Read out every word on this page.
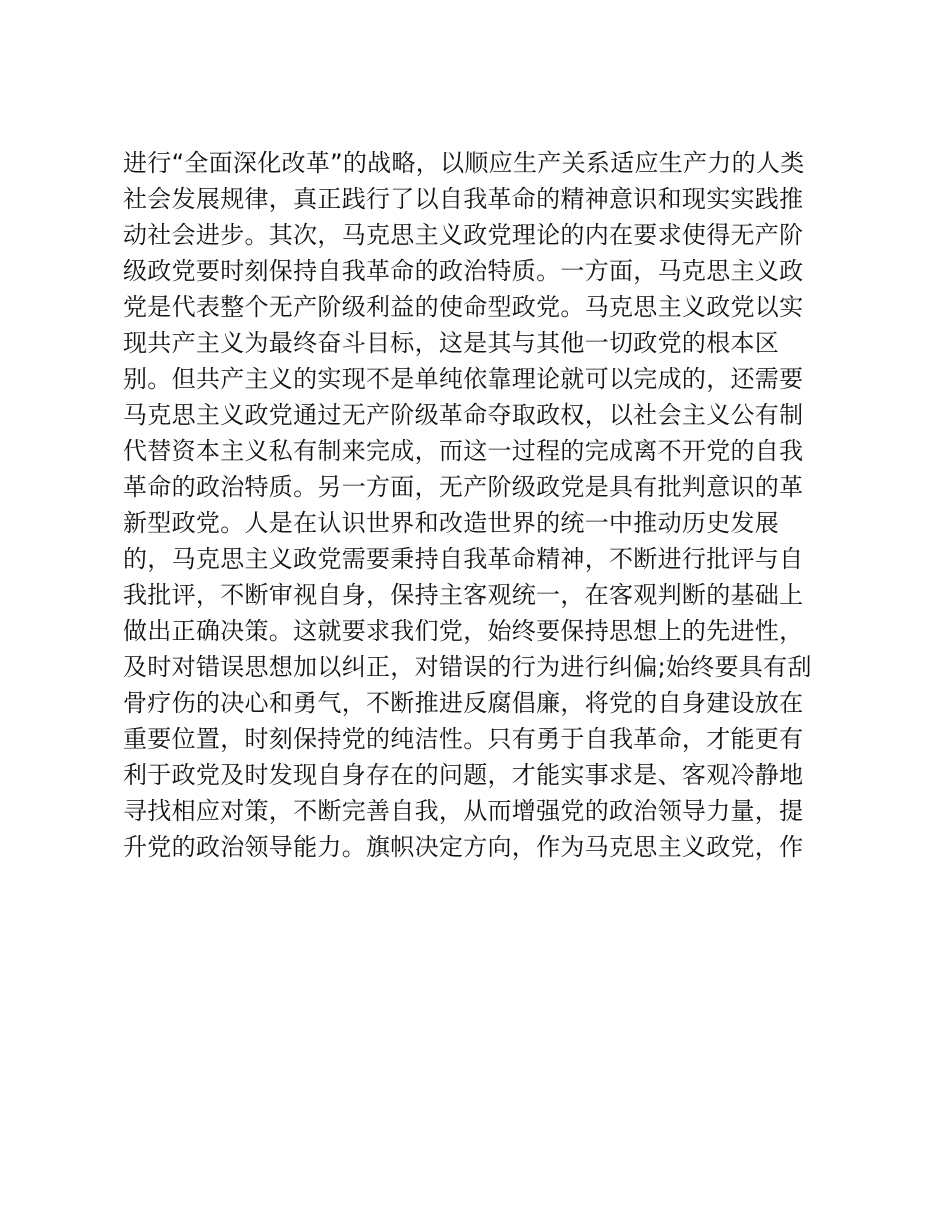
进行“全面深化改革”的战略，以顺应生产关系适应生产力的人类
社会发展规律，真正践行了以自我革命的精神意识和现实实践推
动社会进步。其次，马克思主义政党理论的内在要求使得无产阶
级政党要时刻保持自我革命的政治特质。一方面，马克思主义政
党是代表整个无产阶级利益的使命型政党。马克思主义政党以实
现共产主义为最终奋斗目标，这是其与其他一切政党的根本区
别。但共产主义的实现不是单纯依靠理论就可以完成的，还需要
马克思主义政党通过无产阶级革命夺取政权，以社会主义公有制
代替资本主义私有制来完成，而这一过程的完成离不开党的自我
革命的政治特质。另一方面，无产阶级政党是具有批判意识的革
新型政党。人是在认识世界和改造世界的统一中推动历史发展
的，马克思主义政党需要秉持自我革命精神，不断进行批评与自
我批评，不断审视自身，保持主客观统一，在客观判断的基础上
做出正确决策。这就要求我们党，始终要保持思想上的先进性，
及时对错误思想加以纠正，对错误的行为进行纠偏;始终要具有刮
骨疗伤的决心和勇气，不断推进反腐倡廉，将党的自身建设放在
重要位置，时刻保持党的纯洁性。只有勇于自我革命，才能更有
利于政党及时发现自身存在的问题，才能实事求是、客观冷静地
寻找相应对策，不断完善自我，从而增强党的政治领导力量，提
升党的政治领导能力。旗帜决定方向，作为马克思主义政党，作
